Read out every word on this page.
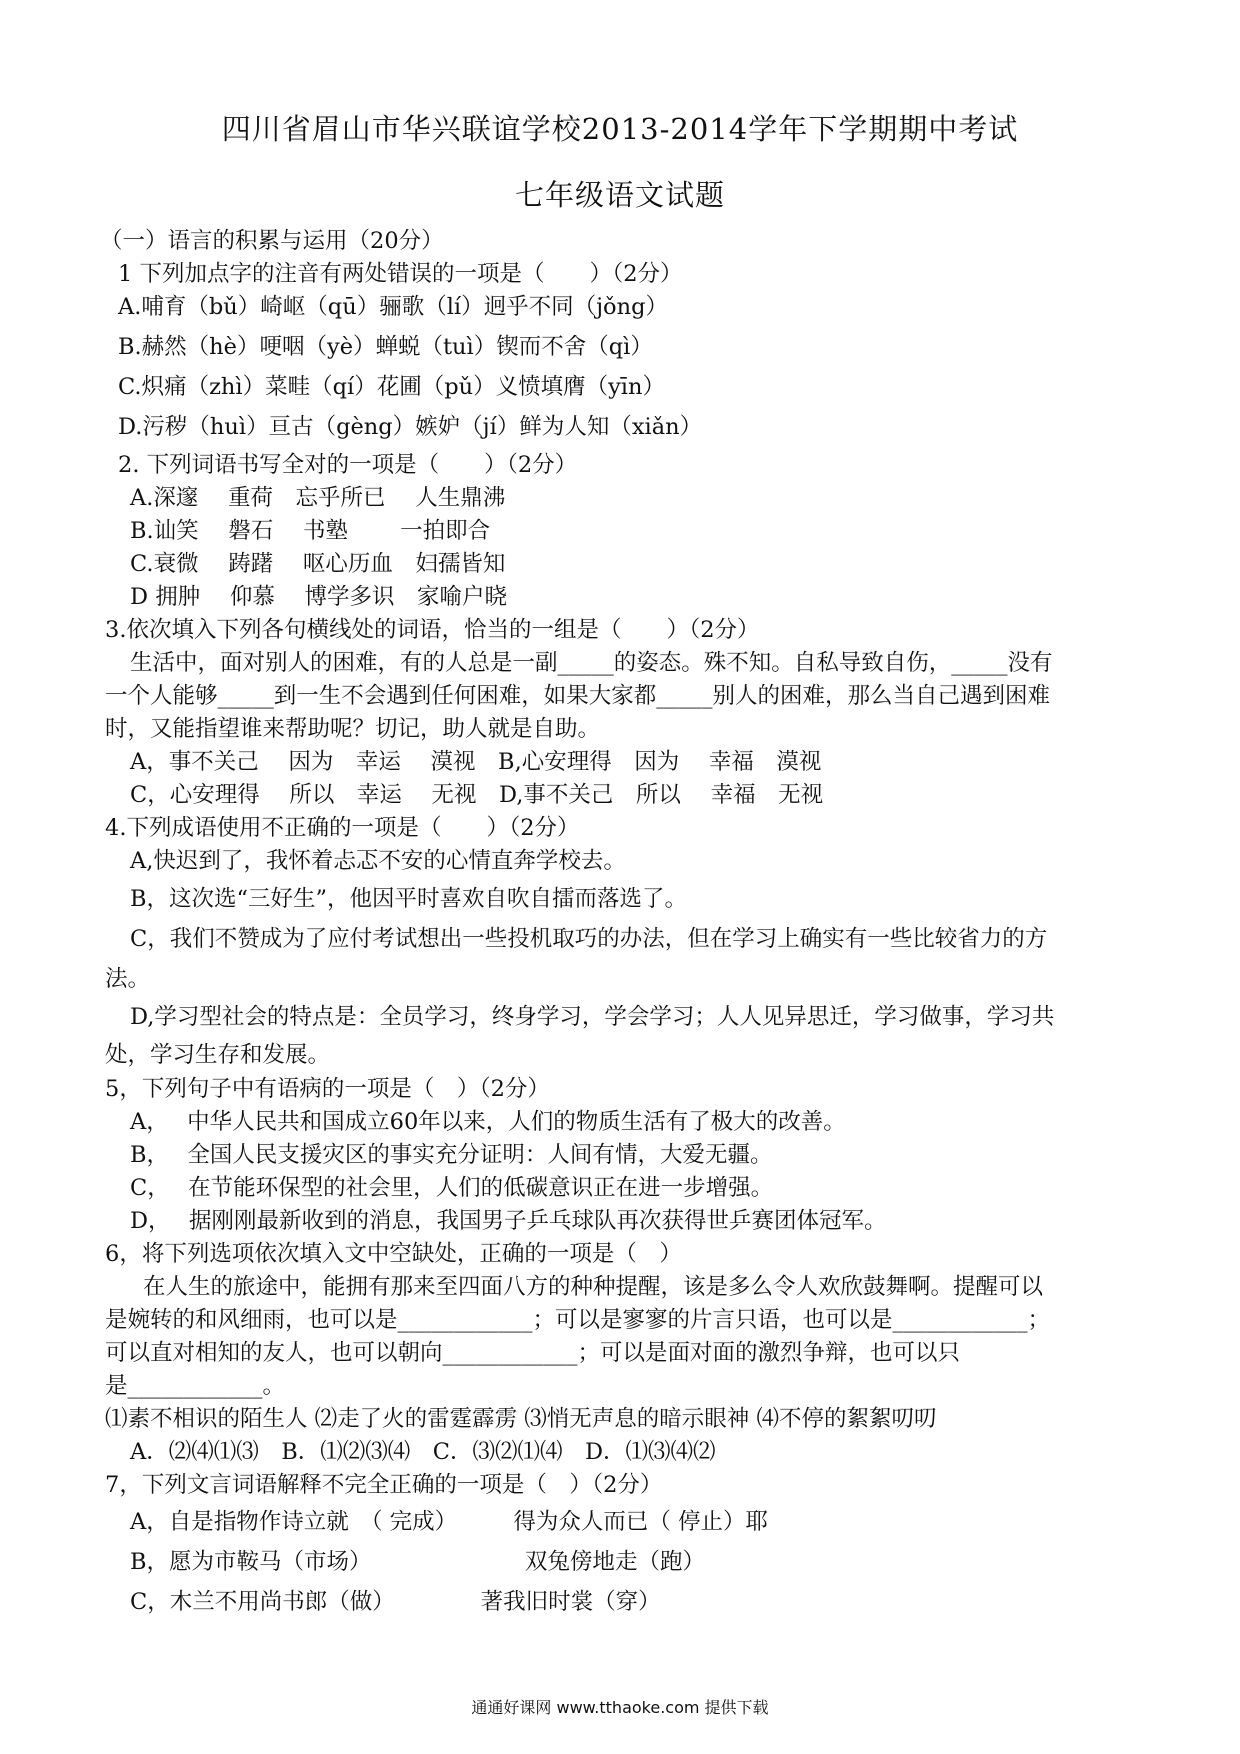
四川省眉山市华兴联谊学校2013-2014学年下学期期中考试
七年级语文试题
（一）语言的积累与运用（20分）
1 下列加点字的注音有两处错误的一项是（　　）（2分）
A.哺育（bǔ）崎岖（qū）骊歌（lí）迥乎不同（jǒng）
B.赫然（hè）哽咽（yè）蝉蜕（tuì）锲而不舍（qì）
C.炽痛（zhì）菜畦（qí）花圃（pǔ）义愤填膺（yīn）
D.污秽（huì）亘古（gèng）嫉妒（jí）鲜为人知（xiǎn）
2. 下列词语书写全对的一项是（　　）（2分）
A.深邃　 重荷　忘乎所已　 人生鼎沸
B.讪笑　 磐石　 书塾　　 一拍即合
C.衰微　 踌躇　 呕心历血　妇孺皆知
D 拥肿　 仰慕　 博学多识　家喻户晓
3.依次填入下列各句横线处的词语，恰当的一组是（　　）（2分）
生活中，面对别人的困难，有的人总是一副_____的姿态。殊不知。自私导致自伤，_____没有
一个人能够_____到一生不会遇到任何困难，如果大家都_____别人的困难，那么当自己遇到困难
时，又能指望谁来帮助呢？切记，助人就是自助。
A，事不关己　 因为　幸运　 漠视　B,心安理得　因为　 幸福　漠视
C，心安理得　 所以　幸运　 无视　D,事不关己　所以　 幸福　无视
4.下列成语使用不正确的一项是（　　）（2分）
A,快迟到了，我怀着忐忑不安的心情直奔学校去。
B，这次选“三好生”，他因平时喜欢自吹自擂而落选了。
C，我们不赞成为了应付考试想出一些投机取巧的办法，但在学习上确实有一些比较省力的方
法。
D,学习型社会的特点是：全员学习，终身学习，学会学习；人人见异思迁，学习做事，学习共
处，学习生存和发展。
5，下列句子中有语病的一项是（　）（2分）
A，　 中华人民共和国成立60年以来，人们的物质生活有了极大的改善。
B，　 全国人民支援灾区的事实充分证明：人间有情，大爱无疆。
C，　 在节能环保型的社会里，人们的低碳意识正在进一步增强。
D，　 据刚刚最新收到的消息，我国男子乒乓球队再次获得世乒赛团体冠军。
6，将下列选项依次填入文中空缺处，正确的一项是（　）
在人生的旅途中，能拥有那来至四面八方的种种提醒，该是多么令人欢欣鼓舞啊。提醒可以
是婉转的和风细雨，也可以是____________；可以是寥寥的片言只语，也可以是____________；
可以直对相知的友人，也可以朝向____________；可以是面对面的激烈争辩，也可以只
是____________。
⑴素不相识的陌生人 ⑵走了火的雷霆霹雳 ⑶悄无声息的暗示眼神 ⑷不停的絮絮叨叨
A．⑵⑷⑴⑶　B．⑴⑵⑶⑷　C．⑶⑵⑴⑷　D．⑴⑶⑷⑵
7，下列文言词语解释不完全正确的一项是（　）（2分）
A，自是指物作诗立就　（ 完成）　　　得为众人而已（ 停止）耶
B，愿为市鞍马（市场）　　　　　　　 双兔傍地走（跑）
C，木兰不用尚书郎（做）　　　　 著我旧时裳（穿）
通通好课网 www.tthaoke.com 提供下载
